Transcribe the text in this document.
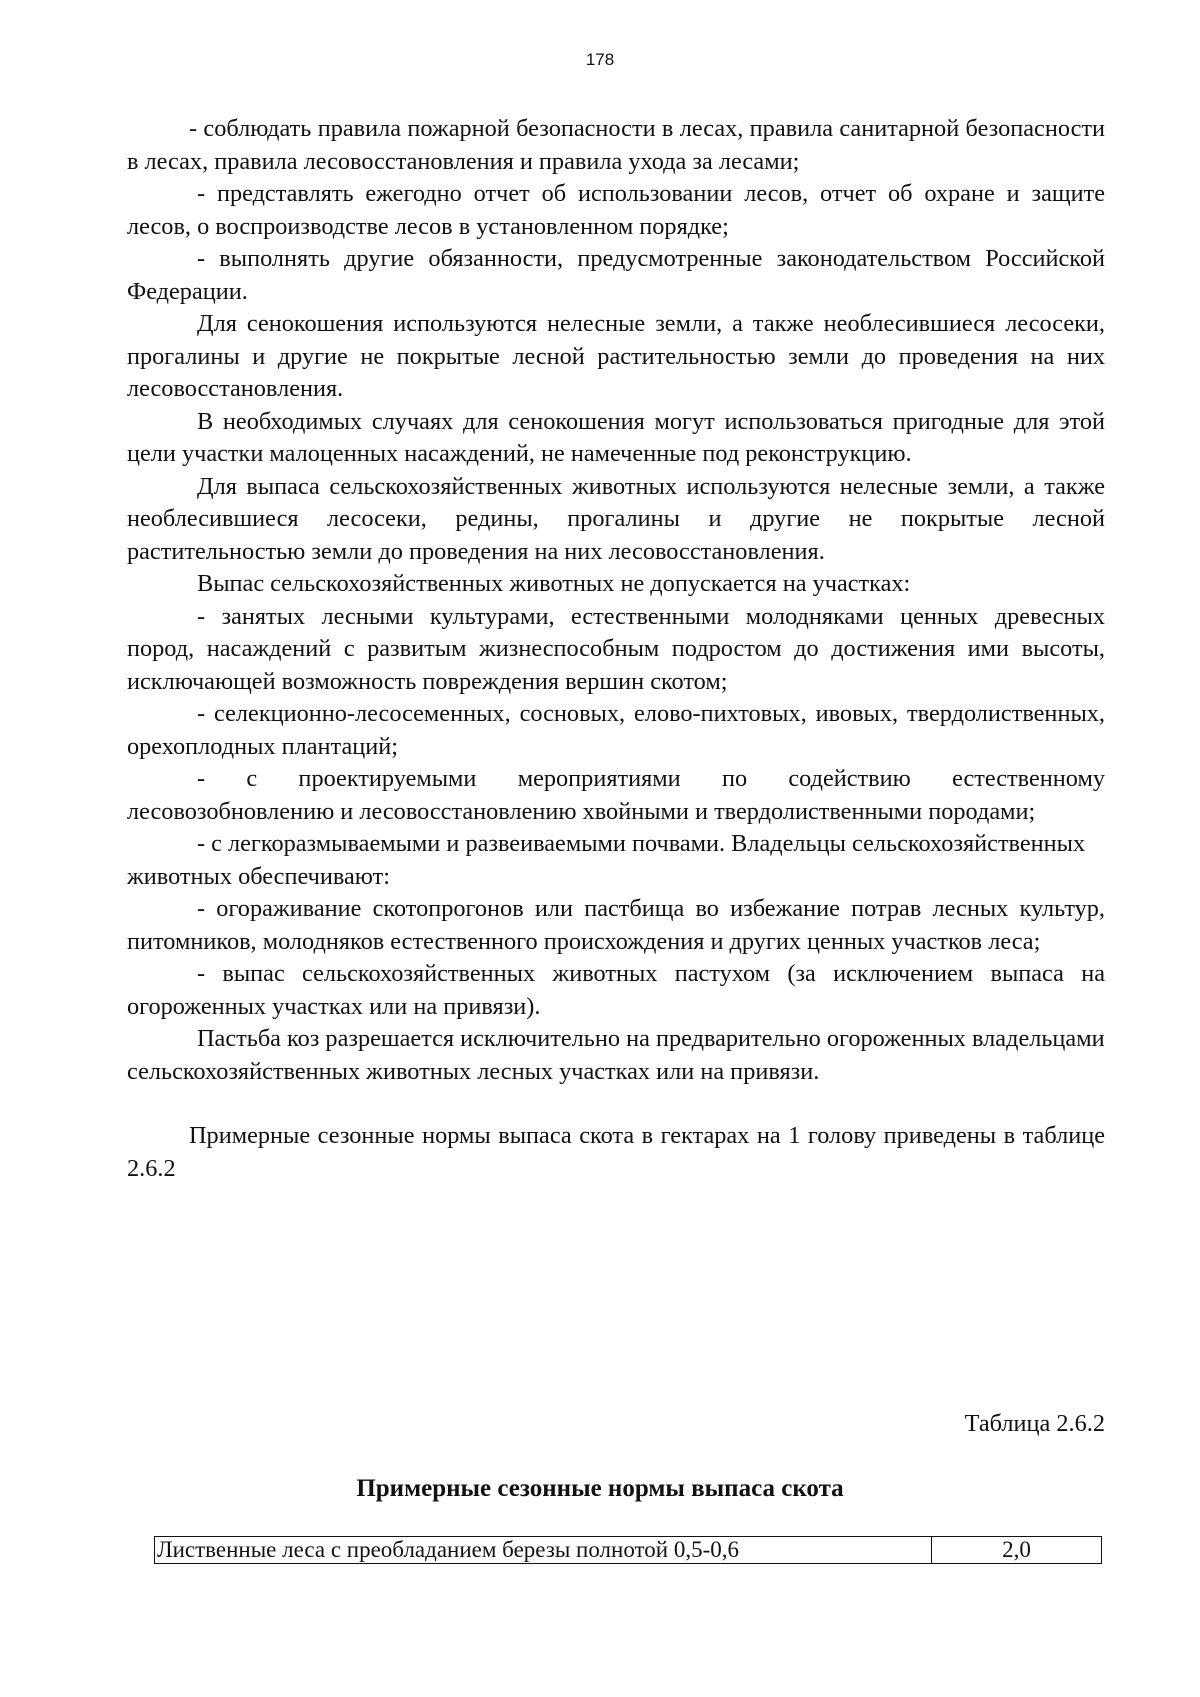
178

- соблюдать правила пожарной безопасности в лесах, правила санитарной безопасности в лесах, правила лесовосстановления и правила ухода за лесами;

- представлять ежегодно отчет об использовании лесов, отчет об охране и защите лесов, о воспроизводстве лесов в установленном порядке;

- выполнять другие обязанности, предусмотренные законодательством Российской Федерации.

Для сенокошения используются нелесные земли, а также необлесившиеся лесосеки, прогалины и другие не покрытые лесной растительностью земли до проведения на них лесовосстановления.

В необходимых случаях для сенокошения могут использоваться пригодные для этой цели участки малоценных насаждений, не намеченные под реконструкцию.

Для выпаса сельскохозяйственных животных используются нелесные земли, а также необлесившиеся лесосеки, редины, прогалины и другие не покрытые лесной растительностью земли до проведения на них лесовосстановления.

Выпас сельскохозяйственных животных не допускается на участках:

- занятых лесными культурами, естественными молодняками ценных древесных пород, насаждений с развитым жизнеспособным подростом до достижения ими высоты, исключающей возможность повреждения вершин скотом;

- селекционно-лесосеменных, сосновых, елово-пихтовых, ивовых, твердолиственных, орехоплодных плантаций;

- с проектируемыми мероприятиями по содействию естественному лесовозобновлению и лесовосстановлению хвойными и твердолиственными породами;

- с легкоразмываемыми и развеиваемыми почвами. Владельцы сельскохозяйственных животных обеспечивают:

- огораживание скотопрогонов или пастбища во избежание потрав лесных культур, питомников, молодняков естественного происхождения и других ценных участков леса;

- выпас сельскохозяйственных животных пастухом (за исключением выпаса на огороженных участках или на привязи).

Пастьба коз разрешается исключительно на предварительно огороженных владельцами сельскохозяйственных животных лесных участках или на привязи.

Примерные сезонные нормы выпаса скота в гектарах на 1 голову приведены в таблице 2.6.2

Таблица 2.6.2
Примерные сезонные нормы выпаса скота
Лиственные леса с преобладанием березы полнотой 0,5-0,6	2,0
